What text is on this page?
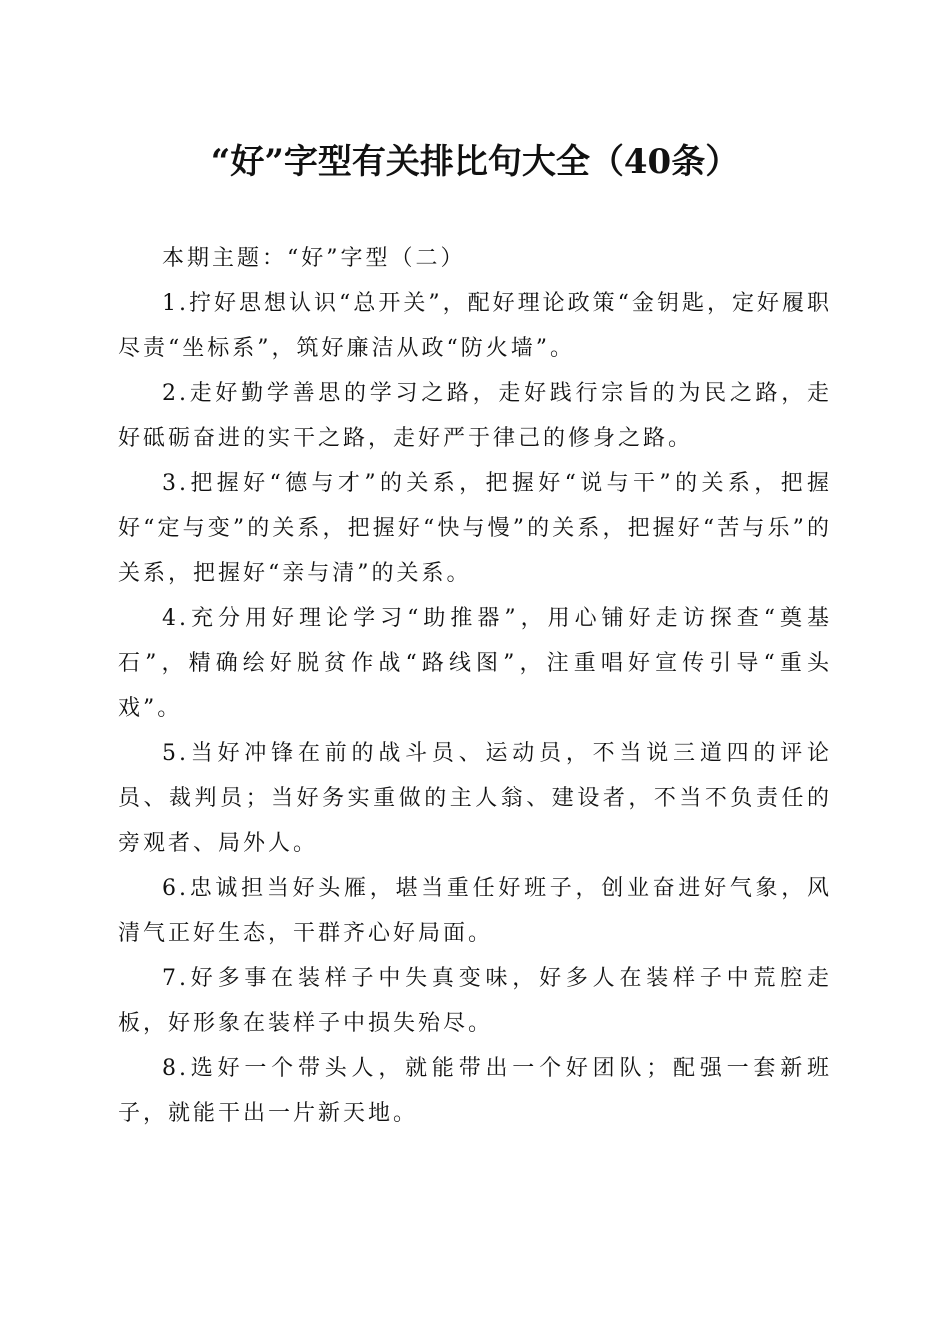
“好”字型有关排比句大全（40条）

本期主题：“好”字型（二）

1.拧好思想认识“总开关”，配好理论政策“金钥匙，定好履职尽责“坐标系”，筑好廉洁从政“防火墙”。

2.走好勤学善思的学习之路，走好践行宗旨的为民之路，走好砥砺奋进的实干之路，走好严于律己的修身之路。

3.把握好“德与才”的关系，把握好“说与干”的关系，把握好“定与变”的关系，把握好“快与慢”的关系，把握好“苦与乐”的关系，把握好“亲与清”的关系。

4.充分用好理论学习“助推器”，用心铺好走访探查“奠基石”，精确绘好脱贫作战“路线图”，注重唱好宣传引导“重头戏”。

5.当好冲锋在前的战斗员、运动员，不当说三道四的评论员、裁判员；当好务实重做的主人翁、建设者，不当不负责任的旁观者、局外人。

6.忠诚担当好头雁，堪当重任好班子，创业奋进好气象，风清气正好生态，干群齐心好局面。

7.好多事在装样子中失真变味，好多人在装样子中荒腔走板，好形象在装样子中损失殆尽。

8.选好一个带头人，就能带出一个好团队；配强一套新班子，就能干出一片新天地。
